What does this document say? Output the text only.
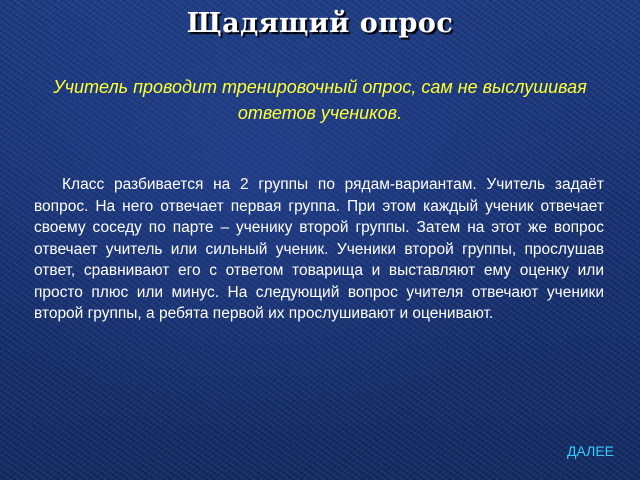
Щадящий опрос
Учитель проводит тренировочный опрос, сам не выслушивая ответов учеников.

Класс разбивается на 2 группы по рядам-вариантам. Учитель задаёт вопрос. На него отвечает первая группа. При этом каждый ученик отвечает своему соседу по парте – ученику второй группы. Затем на этот же вопрос отвечает учитель или сильный ученик. Ученики второй группы, прослушав ответ, сравнивают его с ответом товарища и выставляют ему оценку или просто плюс или минус. На следующий вопрос учителя отвечают ученики второй группы, а ребята первой их прослушивают и оценивают.

ДАЛЕЕ
